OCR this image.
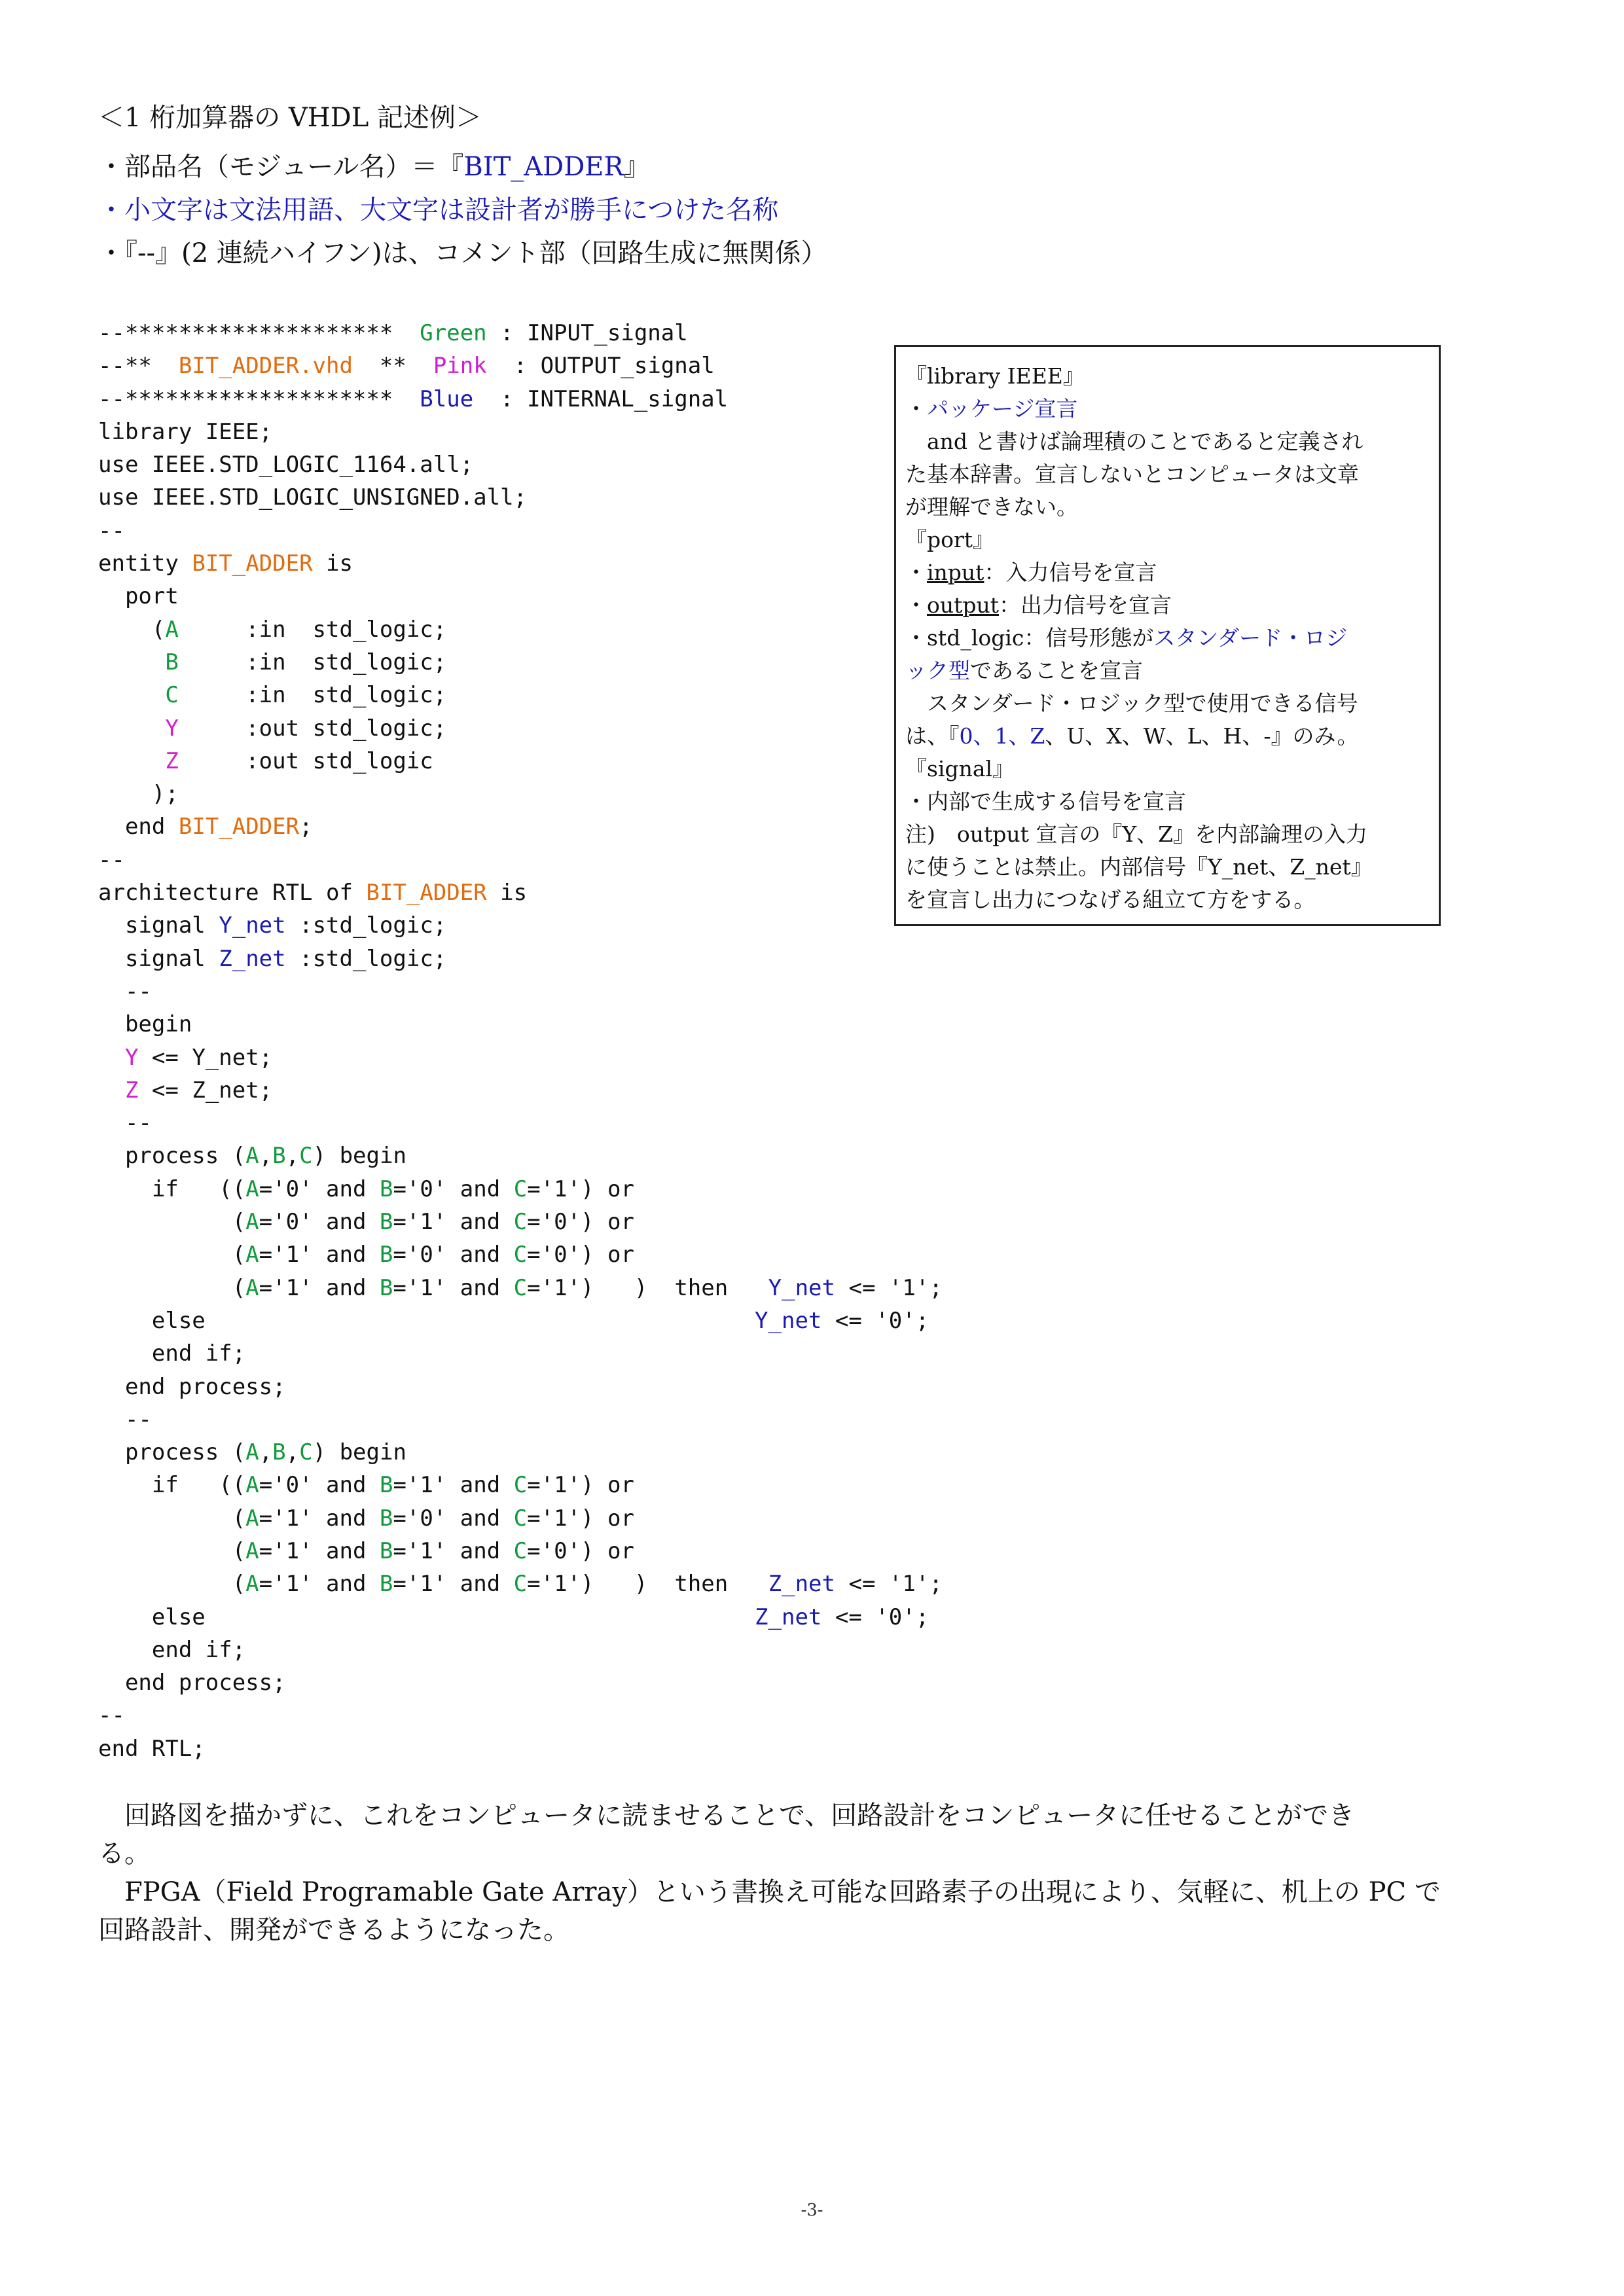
＜1 桁加算器の VHDL 記述例＞
・部品名（モジュール名）＝『BIT_ADDER』
・小文字は文法用語、大文字は設計者が勝手につけた名称
・『--』(2 連続ハイフン)は、コメント部（回路生成に無関係）
--******************** Green : INPUT_signal
--** BIT_ADDER.vhd ** Pink  : OUTPUT_signal
--******************** Blue  : INTERNAL_signal
library IEEE;
use IEEE.STD_LOGIC_1164.all;
use IEEE.STD_LOGIC_UNSIGNED.all;
--
entity BIT_ADDER is
port
(A	:in  std_logic;
B	:in  std_logic;
C	:in  std_logic;
Y	:out std_logic;
Z	:out std_logic
);
end BIT_ADDER;
--
architecture RTL of BIT_ADDER is
signal Y_net :std_logic;
signal Z_net :std_logic;
--
begin
Y <= Y_net;
Z <= Z_net;
--
process (A,B,C) begin
if   ((A='0' and B='0' and C='1') or
(A='0' and B='1' and C='0') or
(A='1' and B='0' and C='0') or
(A='1' and B='1' and C='1')   )  then Y_net <= '1';
else	Y_net <= '0';
end if;
end process;
--
process (A,B,C) begin
if   ((A='0' and B='1' and C='1') or
(A='1' and B='0' and C='1') or
(A='1' and B='1' and C='0') or
(A='1' and B='1' and C='1')   )  then Z_net <= '1';
else	Z_net <= '0';
end if;
end process;
--
end RTL;
『library IEEE』
・パッケージ宣言
　and と書けば論理積のことであると定義され
た基本辞書。宣言しないとコンピュータは文章
が理解できない。
『port』
・input：入力信号を宣言
・output：出力信号を宣言
・std_logic：信号形態がスタンダード・ロジ
ック型であることを宣言
　スタンダード・ロジック型で使用できる信号
は、『0、1、Z、U、X、W、L、H、-』のみ。
『signal』
・内部で生成する信号を宣言
注)　output 宣言の『Y、Z』を内部論理の入力
に使うことは禁止。内部信号『Y_net、Z_net』
を宣言し出力につなげる組立て方をする。
　回路図を描かずに、これをコンピュータに読ませることで、回路設計をコンピュータに任せることができ
る。
　FPGA（Field Programable Gate Array）という書換え可能な回路素子の出現により、気軽に、机上の PC で
回路設計、開発ができるようになった。
-3-
